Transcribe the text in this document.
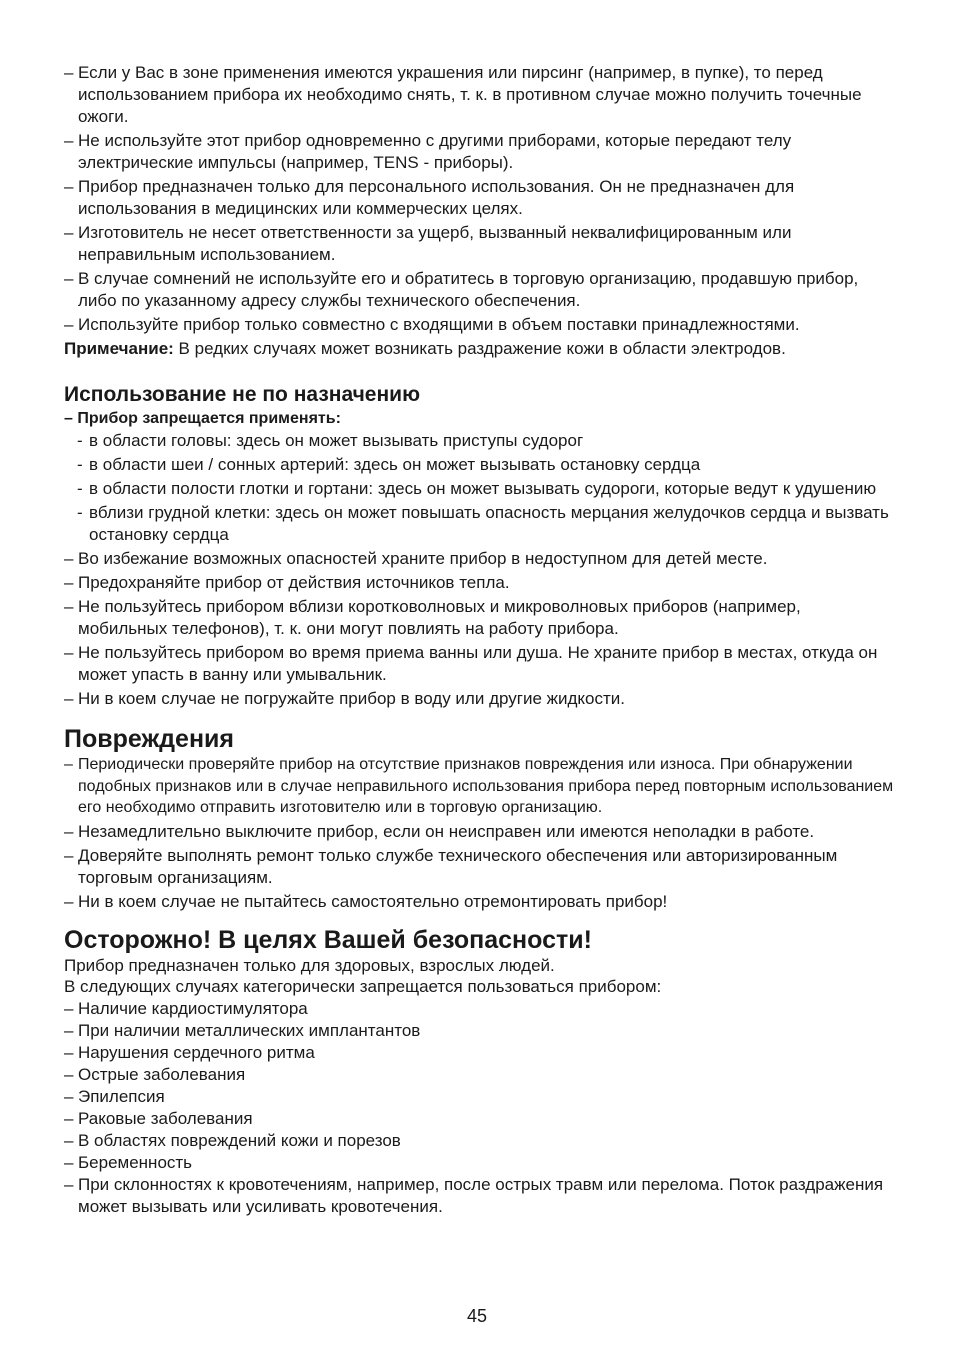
– Если у Вас в зоне применения имеются украшения или пирсинг (например, в пупке), то перед использованием прибора их необходимо снять, т. к. в противном случае можно получить точечные ожоги.
– Не используйте этот прибор одновременно с другими приборами, которые передают телу электрические импульсы (например, TENS - приборы).
– Прибор предназначен только для персонального использования. Он не предназначен для использования в медицинских или коммерческих целях.
– Изготовитель не несет ответственности за ущерб, вызванный неквалифицированным или неправильным использованием.
– В случае сомнений не используйте его и обратитесь в торговую организацию, продавшую прибор, либо по указанному адресу службы технического обеспечения.
– Используйте прибор только совместно с входящими в объем поставки принадлежностями.
Примечание: В редких случаях может возникать раздражение кожи в области электродов.
Использование не по назначению
– Прибор запрещается применять:
- в области головы: здесь он может вызывать приступы судорог
- в области шеи / сонных артерий: здесь он может вызывать остановку сердца
- в области полости глотки и гортани: здесь он может вызывать судороги, которые ведут к удушению
- вблизи грудной клетки: здесь он может повышать опасность мерцания желудочков сердца и вызвать остановку сердца
– Во избежание возможных опасностей храните прибор в недоступном для детей месте.
– Предохраняйте прибор от действия источников тепла.
– Не пользуйтесь прибором вблизи коротковолновых и микроволновых приборов (например, мобильных телефонов), т. к. они могут повлиять на работу прибора.
– Не пользуйтесь прибором во время приема ванны или душа. Не храните прибор в местах, откуда он может упасть в ванну или умывальник.
– Ни в коем случае не погружайте прибор в воду или другие жидкости.
Повреждения
– Периодически проверяйте прибор на отсутствие признаков повреждения или износа. При обнаружении подобных признаков или в случае неправильного использования прибора перед повторным использованием его необходимо отправить изготовителю или в торговую организацию.
– Незамедлительно выключите прибор, если он неисправен или имеются неполадки в работе.
– Доверяйте выполнять ремонт только службе технического обеспечения или авторизированным
торговым организациям.
– Ни в коем случае не пытайтесь самостоятельно отремонтировать прибор!
Осторожно! В целях Вашей безопасности!
Прибор предназначен только для здоровых, взрослых людей.
В следующих случаях категорически запрещается пользоваться прибором:
– Наличие кардиостимулятора
– При наличии металлических имплантантов
– Нарушения сердечного ритма
– Острые заболевания
– Эпилепсия
– Раковые заболевания
– В областях повреждений кожи и порезов
– Беременность
– При склонностях к кровотечениям, например, после острых травм или перелома. Поток раздражения может вызывать или усиливать кровотечения.
45
